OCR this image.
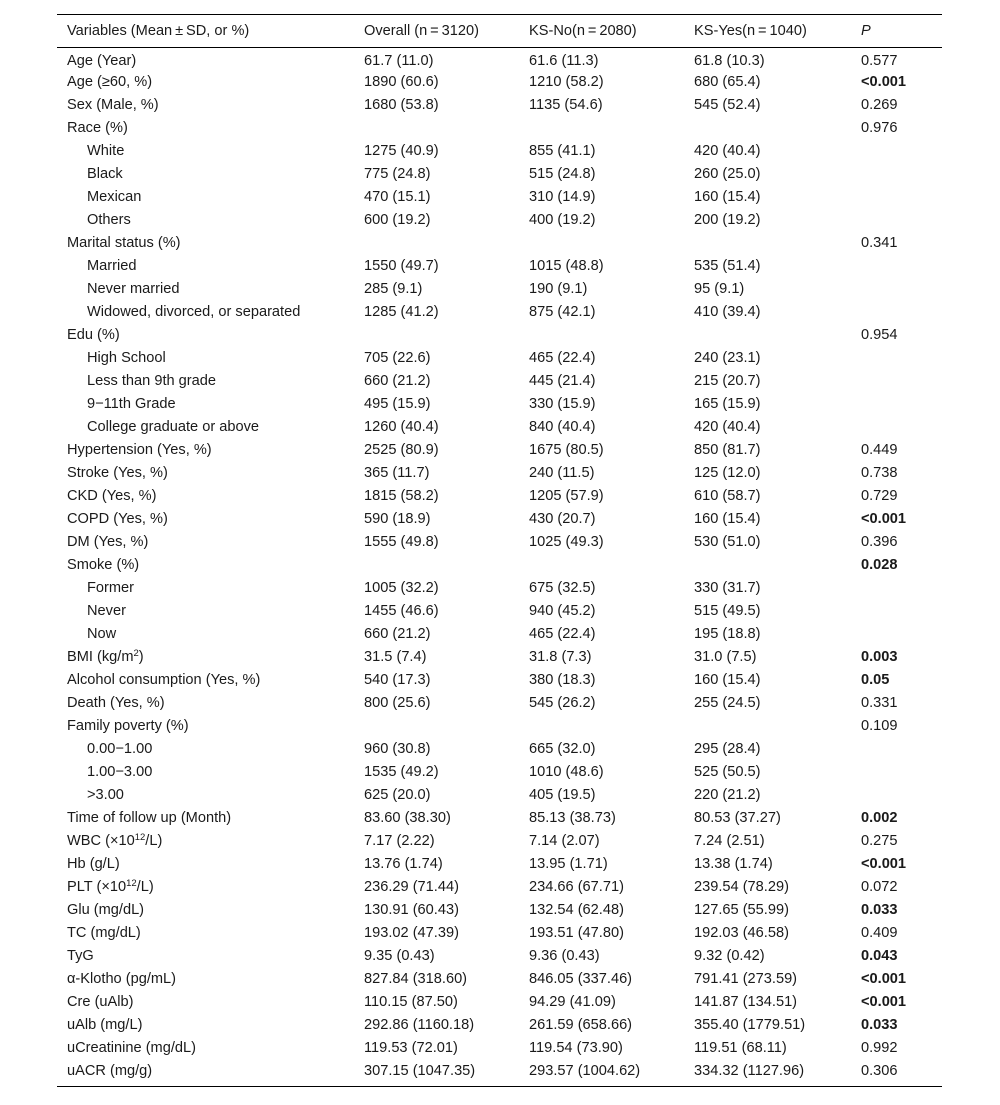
Variables (Mean ± SD, or %)	Overall (n = 3120)	KS-No(n = 2080)	KS-Yes(n = 1040)	P
Age (Year)	61.7 (11.0)	61.6 (11.3)	61.8 (10.3)	0.577
Age (≥60, %)	1890 (60.6)	1210 (58.2)	680 (65.4)	<0.001
Sex (Male, %)	1680 (53.8)	1135 (54.6)	545 (52.4)	0.269
Race (%)				0.976
White	1275 (40.9)	855 (41.1)	420 (40.4)	
Black	775 (24.8)	515 (24.8)	260 (25.0)	
Mexican	470 (15.1)	310 (14.9)	160 (15.4)	
Others	600 (19.2)	400 (19.2)	200 (19.2)	
Marital status (%)				0.341
Married	1550 (49.7)	1015 (48.8)	535 (51.4)	
Never married	285 (9.1)	190 (9.1)	95 (9.1)	
Widowed, divorced, or separated	1285 (41.2)	875 (42.1)	410 (39.4)	
Edu (%)				0.954
High School	705 (22.6)	465 (22.4)	240 (23.1)	
Less than 9th grade	660 (21.2)	445 (21.4)	215 (20.7)	
9−11th Grade	495 (15.9)	330 (15.9)	165 (15.9)	
College graduate or above	1260 (40.4)	840 (40.4)	420 (40.4)	
Hypertension (Yes, %)	2525 (80.9)	1675 (80.5)	850 (81.7)	0.449
Stroke (Yes, %)	365 (11.7)	240 (11.5)	125 (12.0)	0.738
CKD (Yes, %)	1815 (58.2)	1205 (57.9)	610 (58.7)	0.729
COPD (Yes, %)	590 (18.9)	430 (20.7)	160 (15.4)	<0.001
DM (Yes, %)	1555 (49.8)	1025 (49.3)	530 (51.0)	0.396
Smoke (%)				0.028
Former	1005 (32.2)	675 (32.5)	330 (31.7)	
Never	1455 (46.6)	940 (45.2)	515 (49.5)	
Now	660 (21.2)	465 (22.4)	195 (18.8)	
BMI $(kg/m^2)$	31.5 (7.4)	31.8 (7.3)	31.0 (7.5)	0.003
Alcohol consumption (Yes, %)	540 (17.3)	380 (18.3)	160 (15.4)	0.05
Death (Yes, %)	800 (25.6)	545 (26.2)	255 (24.5)	0.331
Family poverty (%)				0.109
0.00−1.00	960 (30.8)	665 (32.0)	295 (28.4)	
1.00−3.00	1535 (49.2)	1010 (48.6)	525 (50.5)	
>3.00	625 (20.0)	405 (19.5)	220 (21.2)	
Time of follow up (Month)	83.60 (38.30)	85.13 (38.73)	80.53 (37.27)	0.002
WBC $(\times 10^{12}/L)$	7.17 (2.22)	7.14 (2.07)	7.24 (2.51)	0.275
Hb (g/L)	13.76 (1.74)	13.95 (1.71)	13.38 (1.74)	<0.001
PLT $(\times 10^{12}/L)$	236.29 (71.44)	234.66 (67.71)	239.54 (78.29)	0.072
Glu (mg/dL)	130.91 (60.43)	132.54 (62.48)	127.65 (55.99)	0.033
TC (mg/dL)	193.02 (47.39)	193.51 (47.80)	192.03 (46.58)	0.409
TyG	9.35 (0.43)	9.36 (0.43)	9.32 (0.42)	0.043
α-Klotho (pg/mL)	827.84 (318.60)	846.05 (337.46)	791.41 (273.59)	<0.001
Cre (uAlb)	110.15 (87.50)	94.29 (41.09)	141.87 (134.51)	<0.001
uAlb (mg/L)	292.86 (1160.18)	261.59 (658.66)	355.40 (1779.51)	0.033
uCreatinine (mg/dL)	119.53 (72.01)	119.54 (73.90)	119.51 (68.11)	0.992
uACR (mg/g)	307.15 (1047.35)	293.57 (1004.62)	334.32 (1127.96)	0.306
